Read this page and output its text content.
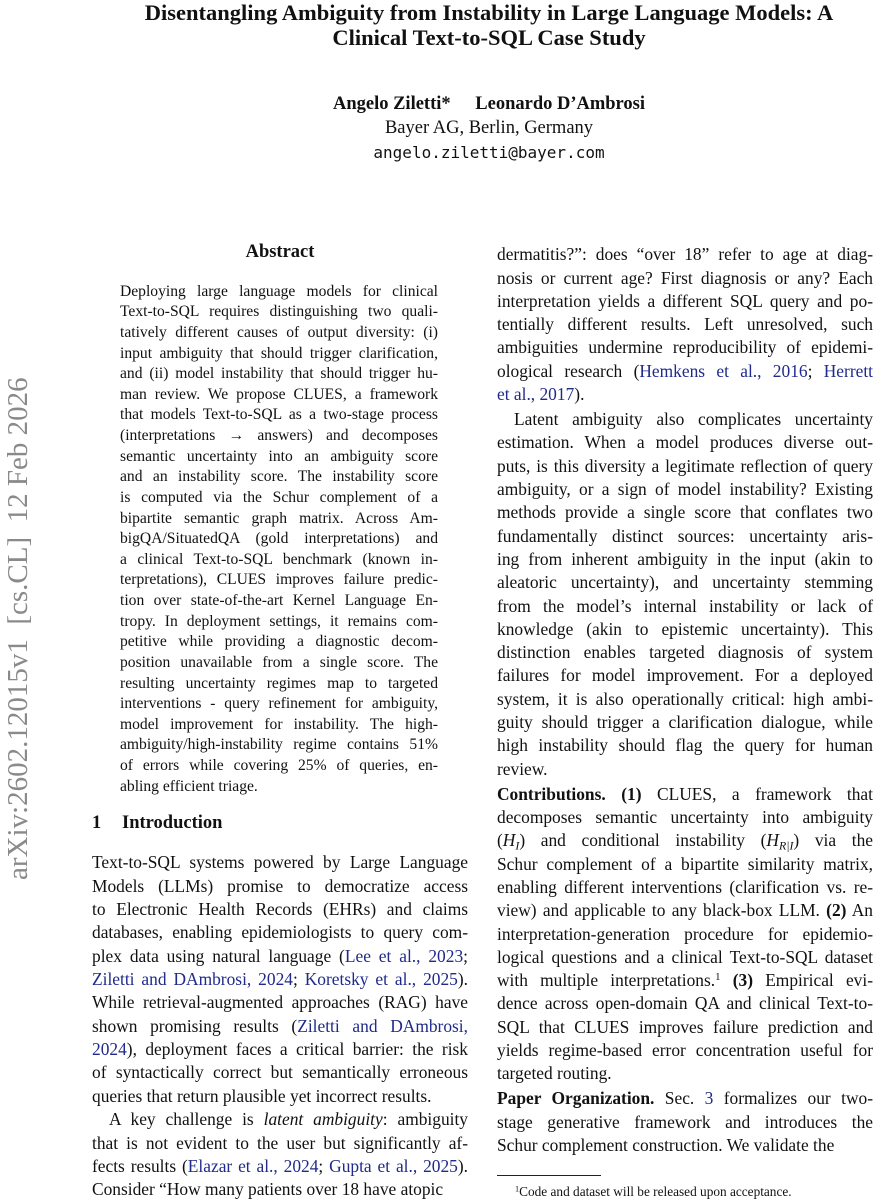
Disentangling Ambiguity from Instability in Large Language Models: A
Clinical Text-to-SQL Case Study
Angelo Ziletti* Leonardo D’Ambrosi
Bayer AG, Berlin, Germany
angelo.ziletti@bayer.com
arXiv:2602.12015v1  [cs.CL]  12 Feb 2026
Abstract
Deploying large language models for clinical
Text-to-SQL requires distinguishing two quali-
tatively different causes of output diversity: (i)
input ambiguity that should trigger clarification,
and (ii) model instability that should trigger hu-
man review. We propose CLUES, a framework
that models Text-to-SQL as a two-stage process
(interpretations → answers) and decomposes
semantic uncertainty into an ambiguity score
and an instability score. The instability score
is computed via the Schur complement of a
bipartite semantic graph matrix. Across Am-
bigQA/SituatedQA (gold interpretations) and
a clinical Text-to-SQL benchmark (known in-
terpretations), CLUES improves failure predic-
tion over state-of-the-art Kernel Language En-
tropy. In deployment settings, it remains com-
petitive while providing a diagnostic decom-
position unavailable from a single score. The
resulting uncertainty regimes map to targeted
interventions - query refinement for ambiguity,
model improvement for instability. The high-
ambiguity/high-instability regime contains 51%
of errors while covering 25% of queries, en-
abling efficient triage.
1 Introduction
Text-to-SQL systems powered by Large Language
Models (LLMs) promise to democratize access
to Electronic Health Records (EHRs) and claims
databases, enabling epidemiologists to query com-
plex data using natural language (Lee et al., 2023;
Ziletti and DAmbrosi, 2024; Koretsky et al., 2025).
While retrieval-augmented approaches (RAG) have
shown promising results (Ziletti and DAmbrosi,
2024), deployment faces a critical barrier: the risk
of syntactically correct but semantically erroneous
queries that return plausible yet incorrect results.
A key challenge is latent ambiguity: ambiguity
that is not evident to the user but significantly af-
fects results (Elazar et al., 2024; Gupta et al., 2025).
Consider “How many patients over 18 have atopic
dermatitis?”: does “over 18” refer to age at diag-
nosis or current age? First diagnosis or any? Each
interpretation yields a different SQL query and po-
tentially different results. Left unresolved, such
ambiguities undermine reproducibility of epidemi-
ological research (Hemkens et al., 2016; Herrett
et al., 2017).
Latent ambiguity also complicates uncertainty
estimation. When a model produces diverse out-
puts, is this diversity a legitimate reflection of query
ambiguity, or a sign of model instability? Existing
methods provide a single score that conflates two
fundamentally distinct sources: uncertainty aris-
ing from inherent ambiguity in the input (akin to
aleatoric uncertainty), and uncertainty stemming
from the model’s internal instability or lack of
knowledge (akin to epistemic uncertainty). This
distinction enables targeted diagnosis of system
failures for model improvement. For a deployed
system, it is also operationally critical: high ambi-
guity should trigger a clarification dialogue, while
high instability should flag the query for human
review.
Contributions. (1) CLUES, a framework that
decomposes semantic uncertainty into ambiguity
$(H_I)$ and conditional instability $(H_{R|I})$ via the
Schur complement of a bipartite similarity matrix,
enabling different interventions (clarification vs. re-
view) and applicable to any black-box LLM. (2) An
interpretation-generation procedure for epidemio-
logical questions and a clinical Text-to-SQL dataset
with multiple interpretations.$^1$ (3) Empirical evi-
dence across open-domain QA and clinical Text-to-
SQL that CLUES improves failure prediction and
yields regime-based error concentration useful for
targeted routing.
Paper Organization. Sec. 3 formalizes our two-
stage generative framework and introduces the
Schur complement construction. We validate the
$^1$Code and dataset will be released upon acceptance.
